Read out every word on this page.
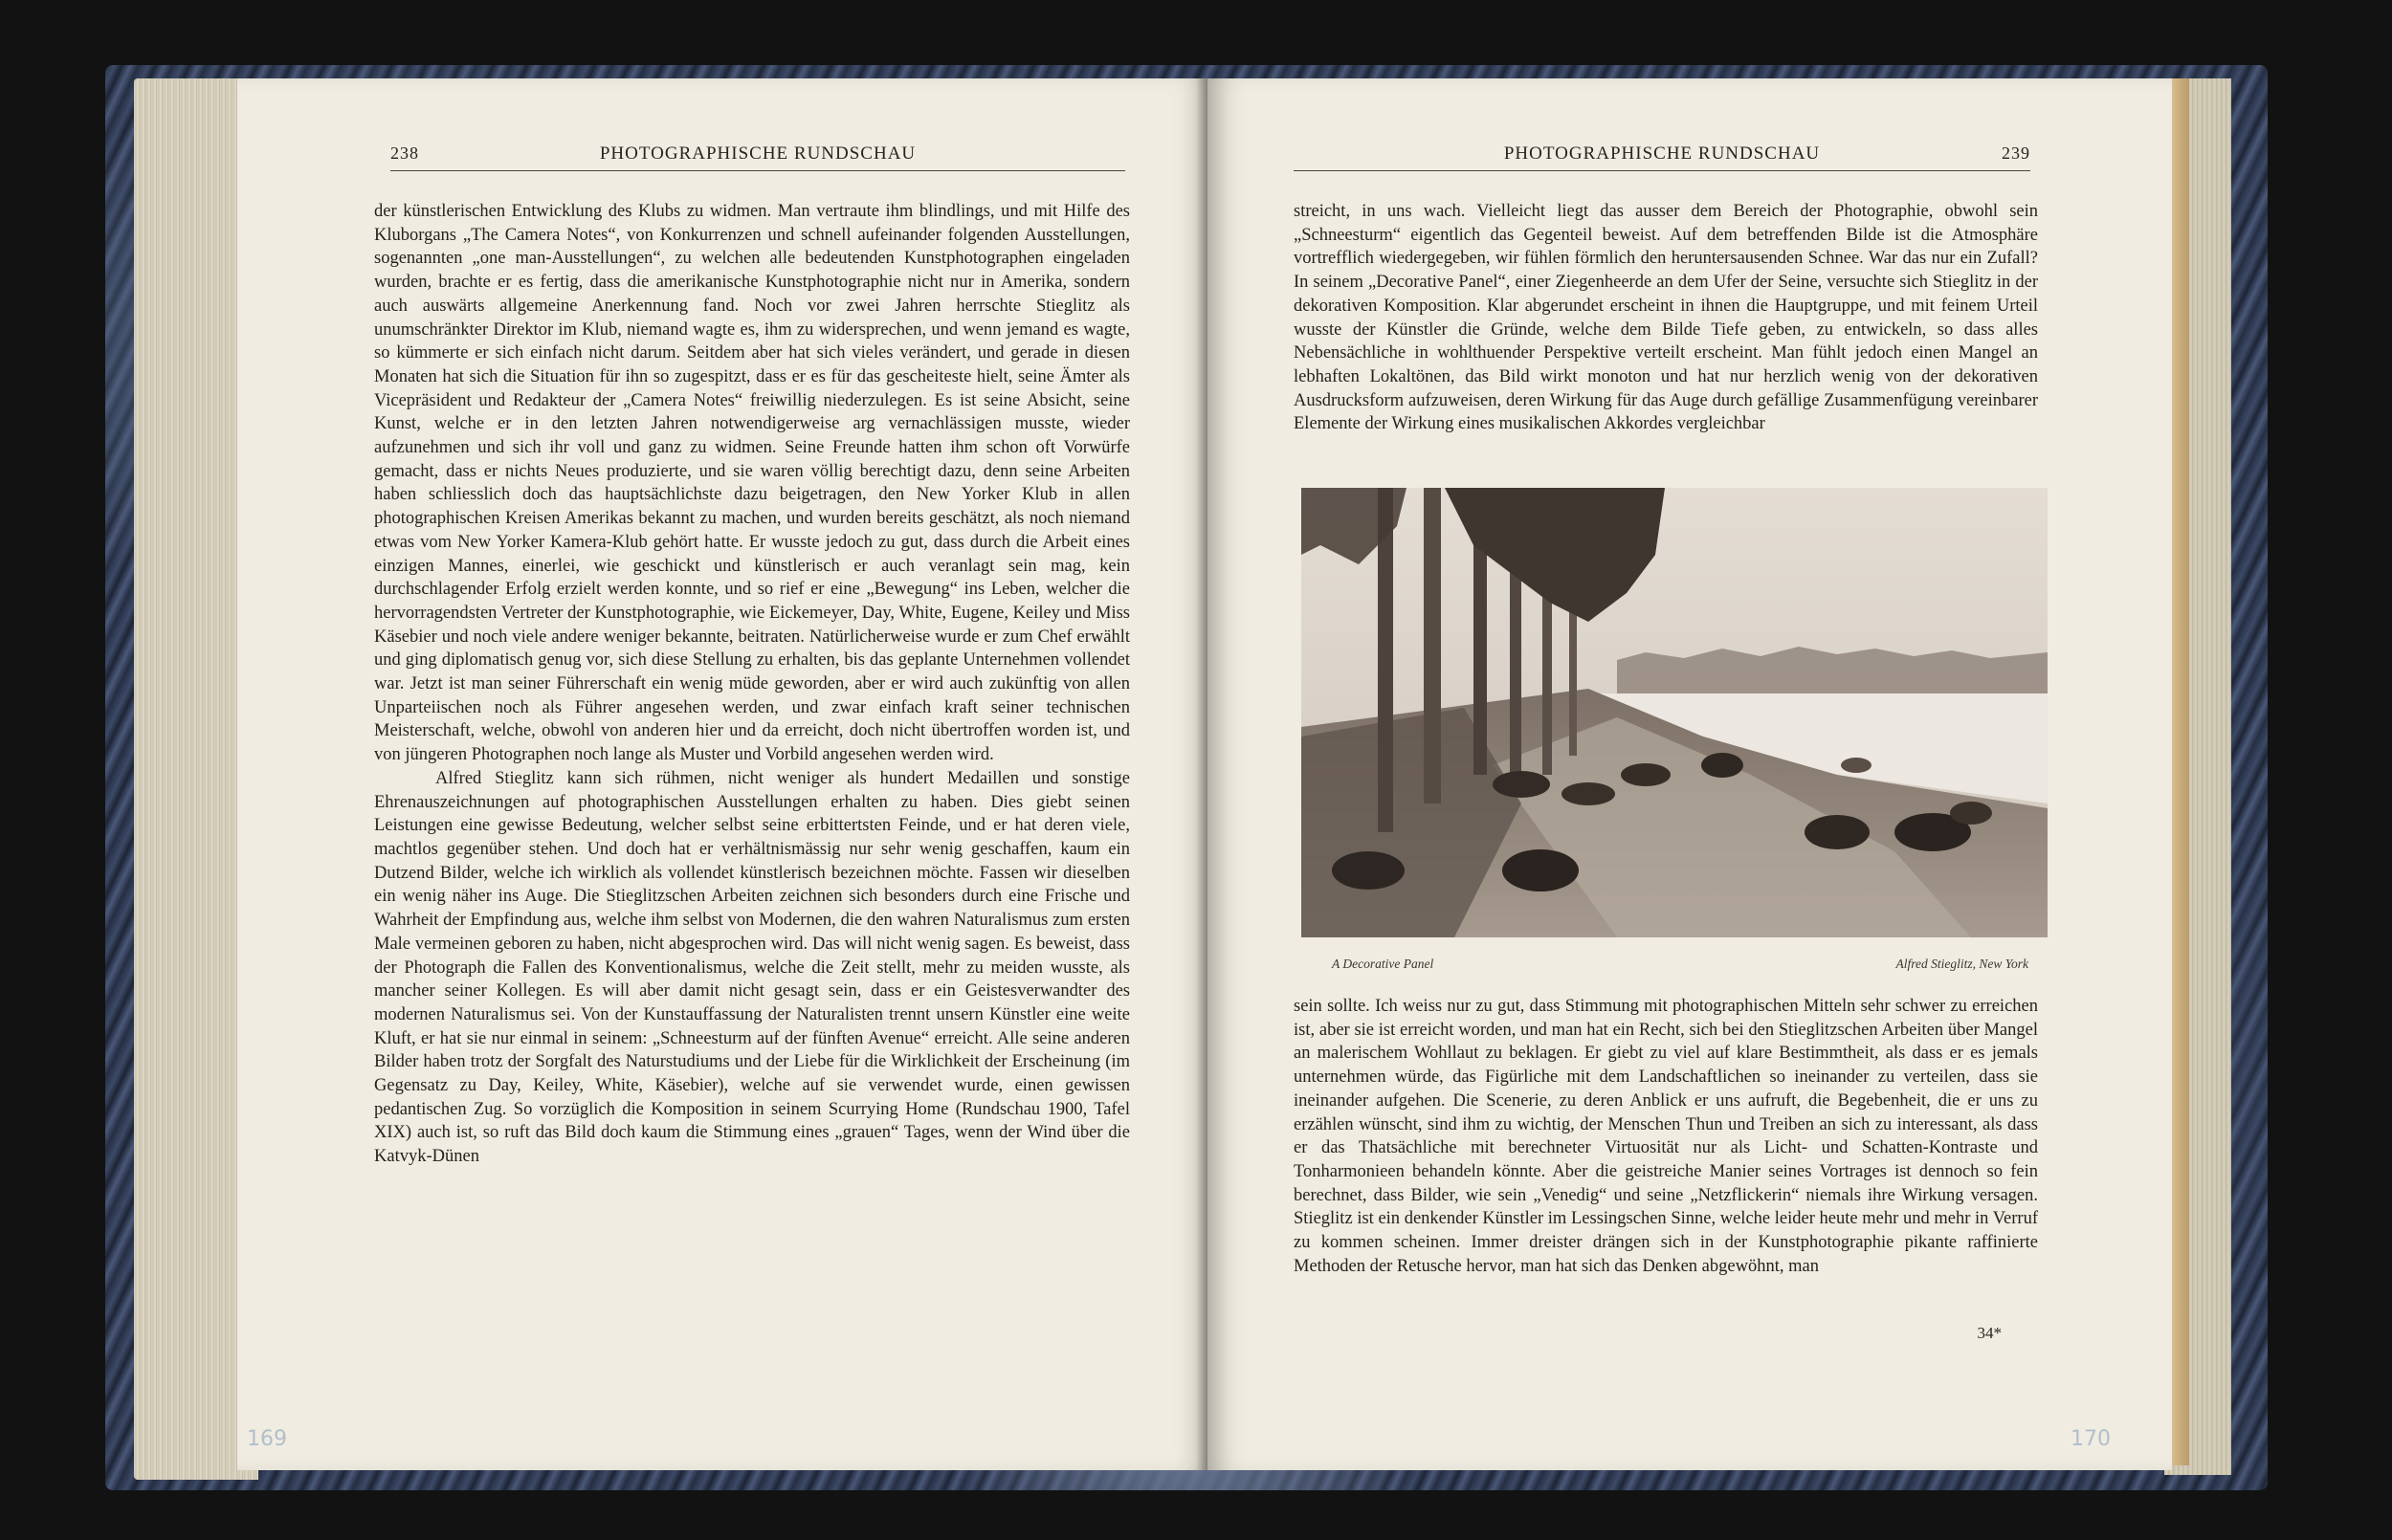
238	PHOTOGRAPHISCHE RUNDSCHAU

der künstlerischen Entwicklung des Klubs zu widmen. Man vertraute ihm blindlings, und mit Hilfe des Kluborgans „The Camera Notes“, von Konkurrenzen und schnell aufeinander folgenden Ausstellungen, sogenannten „one man-Ausstellungen“, zu welchen alle bedeutenden Kunstphotographen eingeladen wurden, brachte er es fertig, dass die amerikanische Kunstphotographie nicht nur in Amerika, sondern auch auswärts allgemeine Anerkennung fand. Noch vor zwei Jahren herrschte Stieglitz als unumschränkter Direktor im Klub, niemand wagte es, ihm zu widersprechen, und wenn jemand es wagte, so kümmerte er sich einfach nicht darum. Seitdem aber hat sich vieles verändert, und gerade in diesen Monaten hat sich die Situation für ihn so zugespitzt, dass er es für das gescheiteste hielt, seine Ämter als Vicepräsident und Redakteur der „Camera Notes“ freiwillig niederzulegen. Es ist seine Absicht, seine Kunst, welche er in den letzten Jahren notwendigerweise arg vernachlässigen musste, wieder aufzunehmen und sich ihr voll und ganz zu widmen. Seine Freunde hatten ihm schon oft Vorwürfe gemacht, dass er nichts Neues produzierte, und sie waren völlig berechtigt dazu, denn seine Arbeiten haben schliesslich doch das hauptsächlichste dazu beigetragen, den New Yorker Klub in allen photographischen Kreisen Amerikas bekannt zu machen, und wurden bereits geschätzt, als noch niemand etwas vom New Yorker Kamera-Klub gehört hatte. Er wusste jedoch zu gut, dass durch die Arbeit eines einzigen Mannes, einerlei, wie geschickt und künstlerisch er auch veranlagt sein mag, kein durchschlagender Erfolg erzielt werden konnte, und so rief er eine „Bewegung“ ins Leben, welcher die hervorragendsten Vertreter der Kunstphotographie, wie Eickemeyer, Day, White, Eugene, Keiley und Miss Käsebier und noch viele andere weniger bekannte, beitraten. Natürlicherweise wurde er zum Chef erwählt und ging diplomatisch genug vor, sich diese Stellung zu erhalten, bis das geplante Unternehmen vollendet war. Jetzt ist man seiner Führerschaft ein wenig müde geworden, aber er wird auch zukünftig von allen Unparteiischen noch als Führer angesehen werden, und zwar einfach kraft seiner technischen Meisterschaft, welche, obwohl von anderen hier und da erreicht, doch nicht übertroffen worden ist, und von jüngeren Photographen noch lange als Muster und Vorbild angesehen werden wird.

Alfred Stieglitz kann sich rühmen, nicht weniger als hundert Medaillen und sonstige Ehrenauszeichnungen auf photographischen Ausstellungen erhalten zu haben. Dies giebt seinen Leistungen eine gewisse Bedeutung, welcher selbst seine erbittertsten Feinde, und er hat deren viele, machtlos gegenüber stehen. Und doch hat er verhältnismässig nur sehr wenig geschaffen, kaum ein Dutzend Bilder, welche ich wirklich als vollendet künstlerisch bezeichnen möchte. Fassen wir dieselben ein wenig näher ins Auge. Die Stieglitzschen Arbeiten zeichnen sich besonders durch eine Frische und Wahrheit der Empfindung aus, welche ihm selbst von Modernen, die den wahren Naturalismus zum ersten Male vermeinen geboren zu haben, nicht abgesprochen wird. Das will nicht wenig sagen. Es beweist, dass der Photograph die Fallen des Konventionalismus, welche die Zeit stellt, mehr zu meiden wusste, als mancher seiner Kollegen. Es will aber damit nicht gesagt sein, dass er ein Geistesverwandter des modernen Naturalismus sei. Von der Kunstauffassung der Naturalisten trennt unsern Künstler eine weite Kluft, er hat sie nur einmal in seinem: „Schneesturm auf der fünften Avenue“ erreicht. Alle seine anderen Bilder haben trotz der Sorgfalt des Naturstudiums und der Liebe für die Wirklichkeit der Erscheinung (im Gegensatz zu Day, Keiley, White, Käsebier), welche auf sie verwendet wurde, einen gewissen pedantischen Zug. So vorzüglich die Komposition in seinem Scurrying Home (Rundschau 1900, Tafel XIX) auch ist, so ruft das Bild doch kaum die Stimmung eines „grauen“ Tages, wenn der Wind über die Katvyk-Dünen

169
PHOTOGRAPHISCHE RUNDSCHAU	239

streicht, in uns wach. Vielleicht liegt das ausser dem Bereich der Photographie, obwohl sein „Schneesturm“ eigentlich das Gegenteil beweist. Auf dem betreffenden Bilde ist die Atmosphäre vortrefflich wiedergegeben, wir fühlen förmlich den heruntersausenden Schnee. War das nur ein Zufall? In seinem „Decorative Panel“, einer Ziegenheerde an dem Ufer der Seine, versuchte sich Stieglitz in der dekorativen Komposition. Klar abgerundet erscheint in ihnen die Hauptgruppe, und mit feinem Urteil wusste der Künstler die Gründe, welche dem Bilde Tiefe geben, zu entwickeln, so dass alles Nebensächliche in wohlthuender Perspektive verteilt erscheint. Man fühlt jedoch einen Mangel an lebhaften Lokaltönen, das Bild wirkt monoton und hat nur herzlich wenig von der dekorativen Ausdrucksform aufzuweisen, deren Wirkung für das Auge durch gefällige Zusammenfügung vereinbarer Elemente der Wirkung eines musikalischen Akkordes vergleichbar

A Decorative Panel	Alfred Stieglitz, New York

sein sollte. Ich weiss nur zu gut, dass Stimmung mit photographischen Mitteln sehr schwer zu erreichen ist, aber sie ist erreicht worden, und man hat ein Recht, sich bei den Stieglitzschen Arbeiten über Mangel an malerischem Wohllaut zu beklagen. Er giebt zu viel auf klare Bestimmtheit, als dass er es jemals unternehmen würde, das Figürliche mit dem Landschaftlichen so ineinander zu verteilen, dass sie ineinander aufgehen. Die Scenerie, zu deren Anblick er uns aufruft, die Begebenheit, die er uns zu erzählen wünscht, sind ihm zu wichtig, der Menschen Thun und Treiben an sich zu interessant, als dass er das Thatsächliche mit berechneter Virtuosität nur als Licht- und Schatten-Kontraste und Tonharmonieen behandeln könnte. Aber die geistreiche Manier seines Vortrages ist dennoch so fein berechnet, dass Bilder, wie sein „Venedig“ und seine „Netzflickerin“ niemals ihre Wirkung versagen. Stieglitz ist ein denkender Künstler im Lessingschen Sinne, welche leider heute mehr und mehr in Verruf zu kommen scheinen. Immer dreister drängen sich in der Kunstphotographie pikante raffinierte Methoden der Retusche hervor, man hat sich das Denken abgewöhnt, man

34*
170
